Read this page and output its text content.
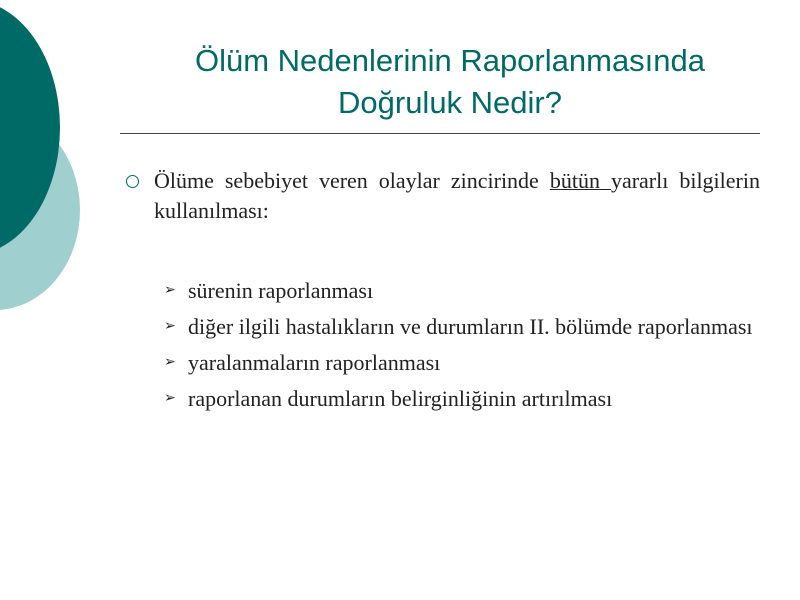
Ölüm Nedenlerinin Raporlanmasında
Doğruluk Nedir?

Ölüme sebebiyet veren olaylar zincirinde bütün yararlı bilgilerin kullanılması:

➢ sürenin raporlanması
➢ diğer ilgili hastalıkların ve durumların II. bölümde raporlanması
➢ yaralanmaların raporlanması
➢ raporlanan durumların belirginliğinin artırılması
